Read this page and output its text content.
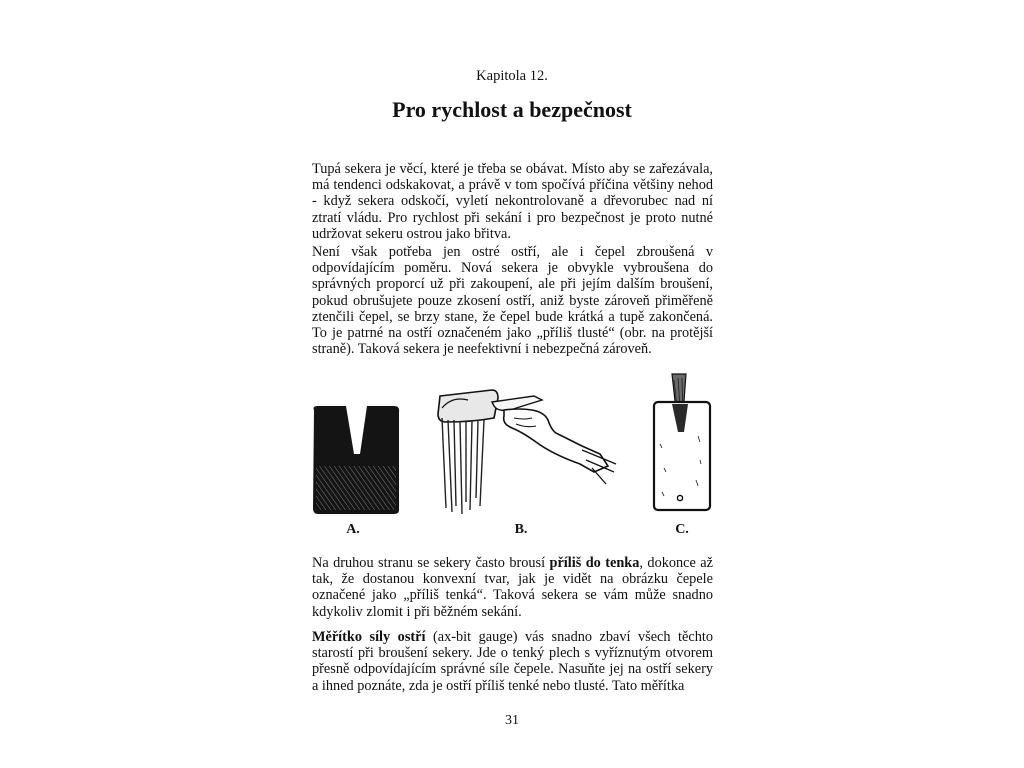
Kapitola 12.
Pro rychlost a bezpečnost

Tupá sekera je věcí, které je třeba se obávat. Místo aby se zařezávala, má tendenci odskakovat, a právě v tom spočívá příčina většiny nehod - když sekera odskočí, vyletí nekontrolovaně a dřevorubec nad ní ztratí vládu. Pro rychlost při sekání i pro bezpečnost je proto nutné udržovat sekeru ostrou jako břitva.

Není však potřeba jen ostré ostří, ale i čepel zbroušená v odpovídajícím poměru. Nová sekera je obvykle vybroušena do správných proporcí už při zakoupení, ale při jejím dalším broušení, pokud obrušujete pouze zkosení ostří, aniž byste zároveň přiměřeně ztenčili čepel, se brzy stane, že čepel bude krátká a tupě zakončená. To je patrné na ostří označeném jako „příliš tlusté“ (obr. na protější straně). Taková sekera je neefektivní i nebezpečná zároveň.

A.	B.	C.

Na druhou stranu se sekery často brousí příliš do tenka, dokonce až tak, že dostanou konvexní tvar, jak je vidět na obrázku čepele označené jako „příliš tenká“. Taková sekera se vám může snadno kdykoliv zlomit i při běžném sekání.

Měřítko síly ostří (ax-bit gauge) vás snadno zbaví všech těchto starostí při broušení sekery. Jde o tenký plech s vyříznutým otvorem přesně odpovídajícím správné síle čepele. Nasuňte jej na ostří sekery a ihned poznáte, zda je ostří příliš tenké nebo tlusté. Tato měřítka

31
